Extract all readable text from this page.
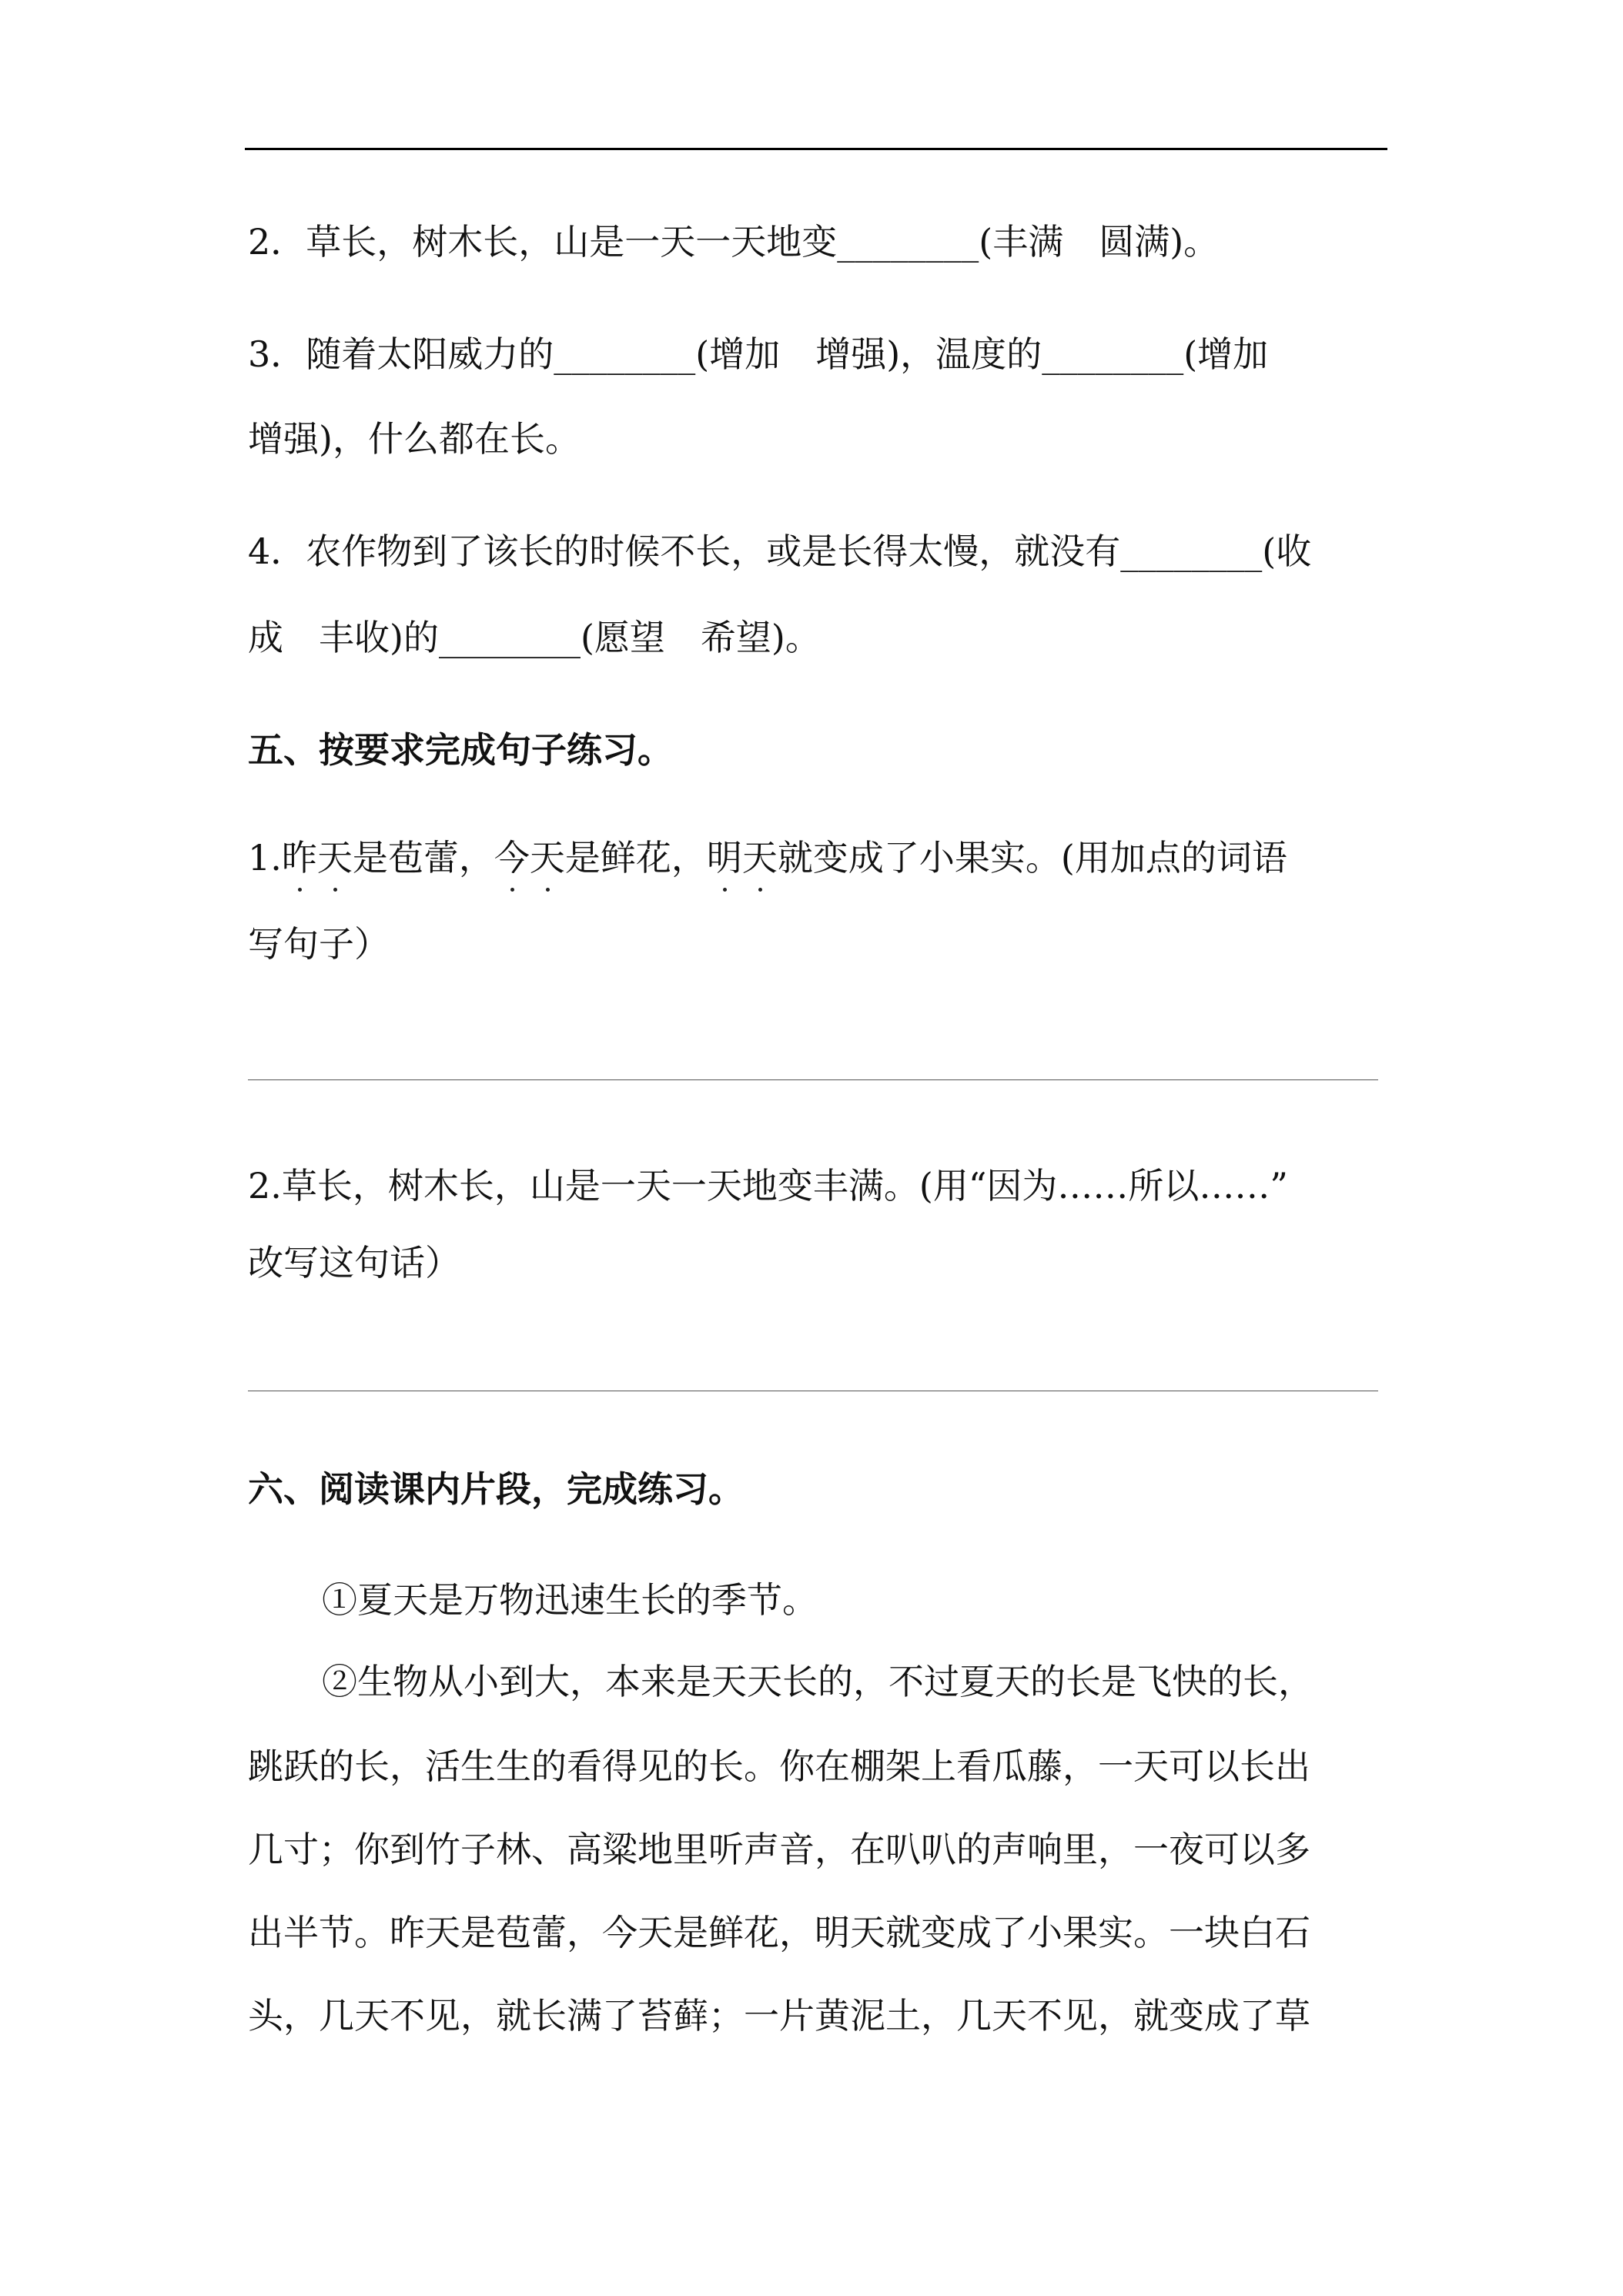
2．草长，树木长，山是一天一天地变________(丰满　圆满)。
3．随着太阳威力的________(增加　增强)，温度的________(增加
增强)，什么都在长。
4．农作物到了该长的时候不长，或是长得太慢，就没有________(收
成　丰收)的________(愿望　希望)。
五、按要求完成句子练习。
1.昨天是苞蕾，今天是鲜花，明天就变成了小果实。(用加点的词语
写句子）
2.草长，树木长，山是一天一天地变丰满。(用“因为……所以……”
改写这句话）
六、阅读课内片段，完成练习。
①夏天是万物迅速生长的季节。
②生物从小到大，本来是天天长的，不过夏天的长是飞快的长，
跳跃的长，活生生的看得见的长。你在棚架上看瓜藤，一天可以长出
几寸；你到竹子林、高粱地里听声音，在叭叭的声响里，一夜可以多
出半节。昨天是苞蕾，今天是鲜花，明天就变成了小果实。一块白石
头，几天不见，就长满了苔藓；一片黄泥土，几天不见，就变成了草
